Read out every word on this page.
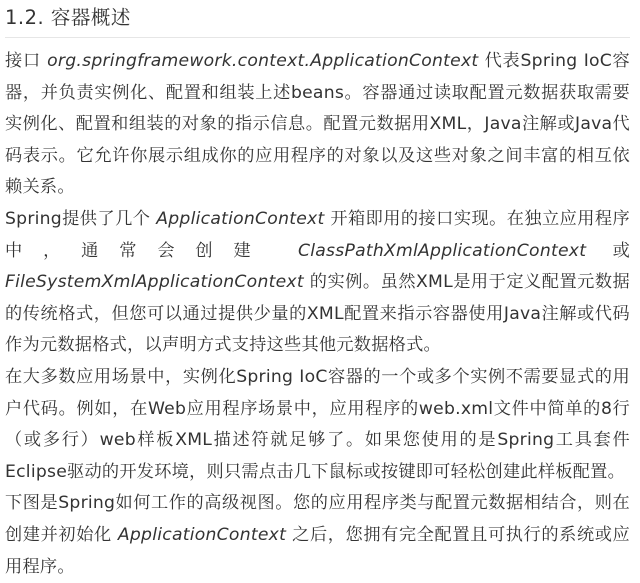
1.2. 容器概述

接口 org.springframework.context.ApplicationContext 代表Spring IoC容器，并负责实例化、配置和组装上述beans。容器通过读取配置元数据获取需要实例化、配置和组装的对象的指示信息。配置元数据用XML，Java注解或Java代码表示。它允许你展示组成你的应用程序的对象以及这些对象之间丰富的相互依赖关系。

Spring提供了几个 ApplicationContext 开箱即用的接口实现。在独立应用程序中，通常会创建 ClassPathXmlApplicationContext 或 FileSystemXmlApplicationContext 的实例。虽然XML是用于定义配置元数据的传统格式，但您可以通过提供少量的XML配置来指示容器使用Java注解或代码作为元数据格式，以声明方式支持这些其他元数据格式。

在大多数应用场景中，实例化Spring IoC容器的一个或多个实例不需要显式的用户代码。例如，在Web应用程序场景中，应用程序的web.xml文件中简单的8行（或多行）web样板XML描述符就足够了。如果您使用的是Spring工具套件Eclipse驱动的开发环境，则只需点击几下鼠标或按键即可轻松创建此样板配置。

下图是Spring如何工作的高级视图。您的应用程序类与配置元数据相结合，则在创建并初始化 ApplicationContext 之后，您拥有完全配置且可执行的系统或应用程序。
